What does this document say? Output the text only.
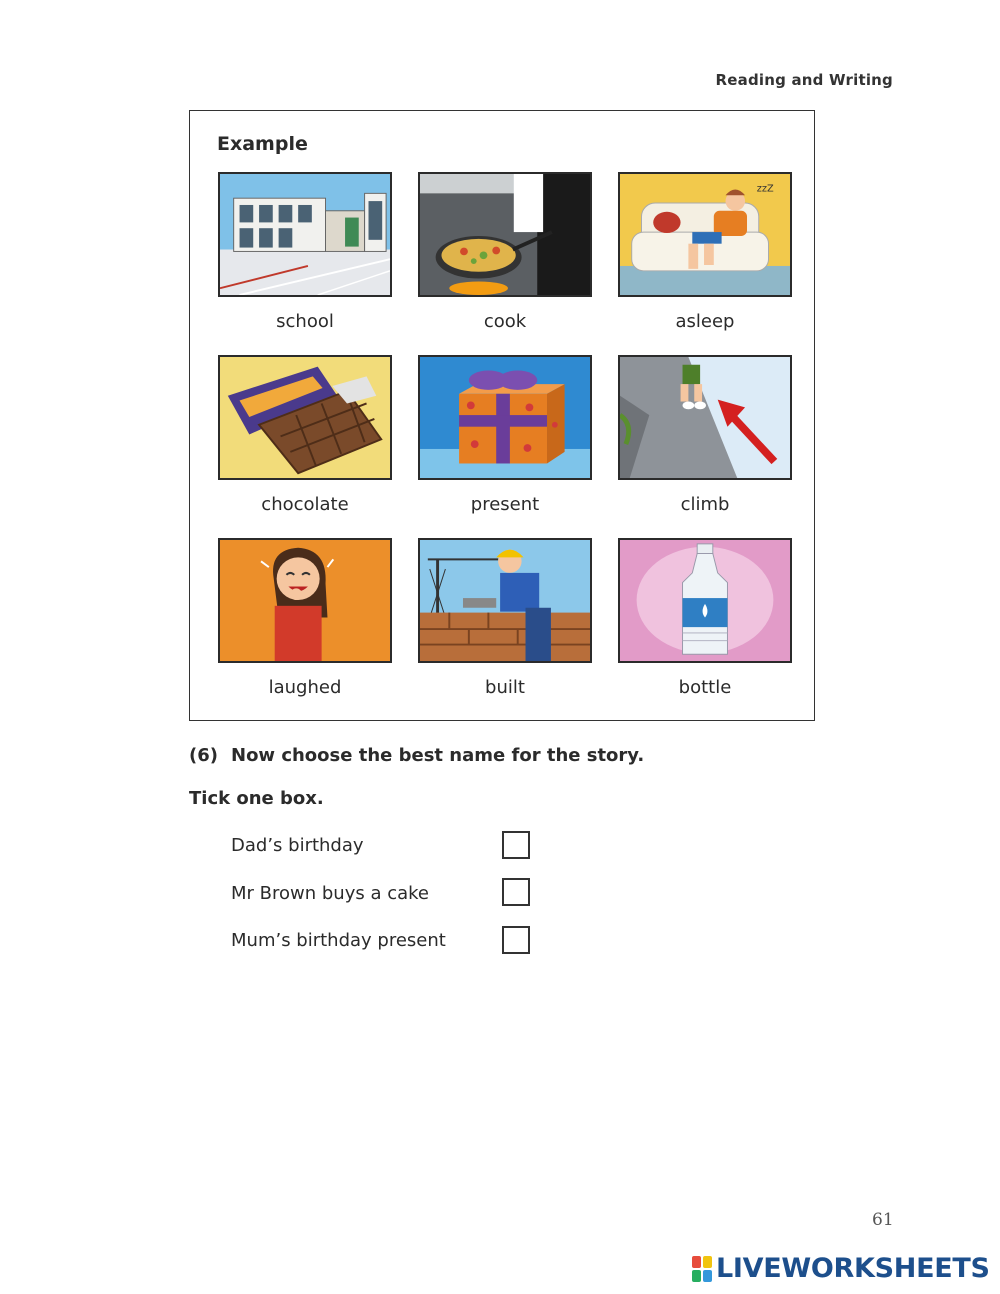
Reading and Writing
Example
school	cook
zzZ
asleep
chocolate	present	climb
laughed	built	bottle
(6) Now choose the best name for the story.
Tick one box.
Dad’s birthday
Mr Brown buys a cake
Mum’s birthday present
61
LIVEWORKSHEETS
